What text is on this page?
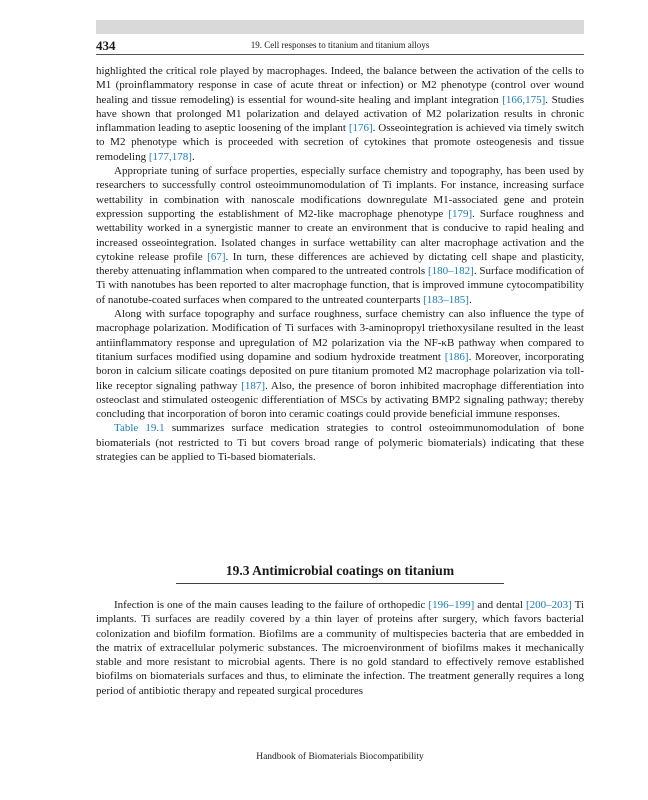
434	19. Cell responses to titanium and titanium alloys

highlighted the critical role played by macrophages. Indeed, the balance between the activation of the cells to M1 (proinflammatory response in case of acute threat or infection) or M2 phenotype (control over wound healing and tissue remodeling) is essential for wound-site healing and implant integration [166,175]. Studies have shown that prolonged M1 polarization and delayed activation of M2 polarization results in chronic inflammation leading to aseptic loosening of the implant [176]. Osseointegration is achieved via timely switch to M2 phenotype which is proceeded with secretion of cytokines that promote osteogenesis and tissue remodeling [177,178].

Appropriate tuning of surface properties, especially surface chemistry and topography, has been used by researchers to successfully control osteoimmunomodulation of Ti implants. For instance, increasing surface wettability in combination with nanoscale modifications downregulate M1-associated gene and protein expression supporting the establishment of M2-like macrophage phenotype [179]. Surface roughness and wettability worked in a synergistic manner to create an environment that is conducive to rapid healing and increased osseointegration. Isolated changes in surface wettability can alter macrophage activation and the cytokine release profile [67]. In turn, these differences are achieved by dictating cell shape and plasticity, thereby attenuating inflammation when compared to the untreated controls [180–182]. Surface modification of Ti with nanotubes has been reported to alter macrophage function, that is improved immune cytocompatibility of nanotube-coated surfaces when compared to the untreated counterparts [183–185].

Along with surface topography and surface roughness, surface chemistry can also influence the type of macrophage polarization. Modification of Ti surfaces with 3-aminopropyl triethoxysilane resulted in the least antiinflammatory response and upregulation of M2 polarization via the NF-κB pathway when compared to titanium surfaces modified using dopamine and sodium hydroxide treatment [186]. Moreover, incorporating boron in calcium silicate coatings deposited on pure titanium promoted M2 macrophage polarization via toll-like receptor signaling pathway [187]. Also, the presence of boron inhibited macrophage differentiation into osteoclast and stimulated osteogenic differentiation of MSCs by activating BMP2 signaling pathway; thereby concluding that incorporation of boron into ceramic coatings could provide beneficial immune responses.

Table 19.1 summarizes surface medication strategies to control osteoimmunomodulation of bone biomaterials (not restricted to Ti but covers broad range of polymeric biomaterials) indicating that these strategies can be applied to Ti-based biomaterials.

19.3 Antimicrobial coatings on titanium

Infection is one of the main causes leading to the failure of orthopedic [196–199] and dental [200–203] Ti implants. Ti surfaces are readily covered by a thin layer of proteins after surgery, which favors bacterial colonization and biofilm formation. Biofilms are a community of multispecies bacteria that are embedded in the matrix of extracellular polymeric substances. The microenvironment of biofilms makes it mechanically stable and more resistant to microbial agents. There is no gold standard to effectively remove established biofilms on biomaterials surfaces and thus, to eliminate the infection. The treatment generally requires a long period of antibiotic therapy and repeated surgical procedures

Handbook of Biomaterials Biocompatibility
